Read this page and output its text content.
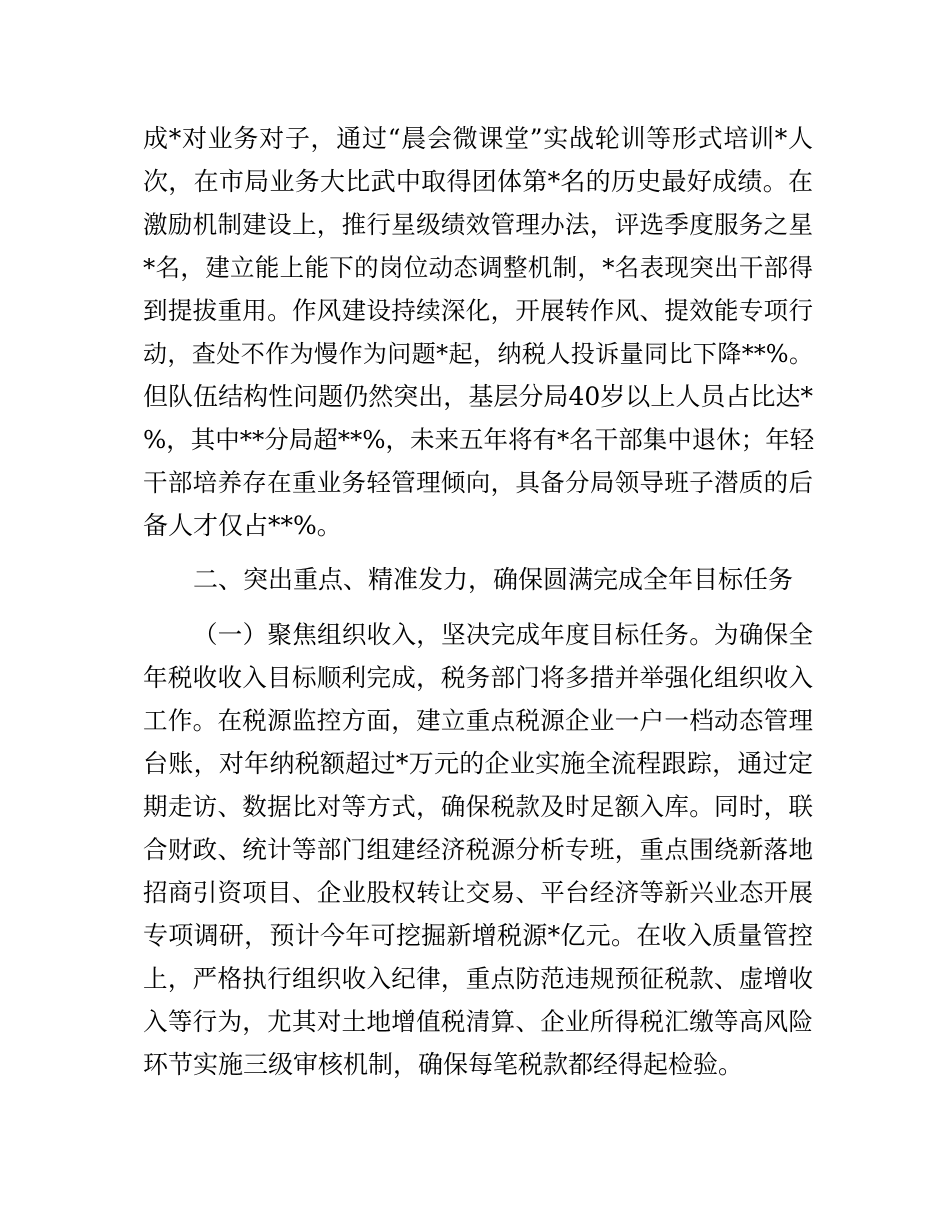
成*对业务对子，通过“晨会微课堂”实战轮训等形式培训*人
次，在市局业务大比武中取得团体第*名的历史最好成绩。在
激励机制建设上，推行星级绩效管理办法，评选季度服务之星
*名，建立能上能下的岗位动态调整机制，*名表现突出干部得
到提拔重用。作风建设持续深化，开展转作风、提效能专项行
动，查处不作为慢作为问题*起，纳税人投诉量同比下降**%。
但队伍结构性问题仍然突出，基层分局40岁以上人员占比达*
%，其中**分局超**%，未来五年将有*名干部集中退休；年轻
干部培养存在重业务轻管理倾向，具备分局领导班子潜质的后
备人才仅占**%。
二、突出重点、精准发力，确保圆满完成全年目标任务
（一）聚焦组织收入，坚决完成年度目标任务。为确保全
年税收收入目标顺利完成，税务部门将多措并举强化组织收入
工作。在税源监控方面，建立重点税源企业一户一档动态管理
台账，对年纳税额超过*万元的企业实施全流程跟踪，通过定
期走访、数据比对等方式，确保税款及时足额入库。同时，联
合财政、统计等部门组建经济税源分析专班，重点围绕新落地
招商引资项目、企业股权转让交易、平台经济等新兴业态开展
专项调研，预计今年可挖掘新增税源*亿元。在收入质量管控
上，严格执行组织收入纪律，重点防范违规预征税款、虚增收
入等行为，尤其对土地增值税清算、企业所得税汇缴等高风险
环节实施三级审核机制，确保每笔税款都经得起检验。
